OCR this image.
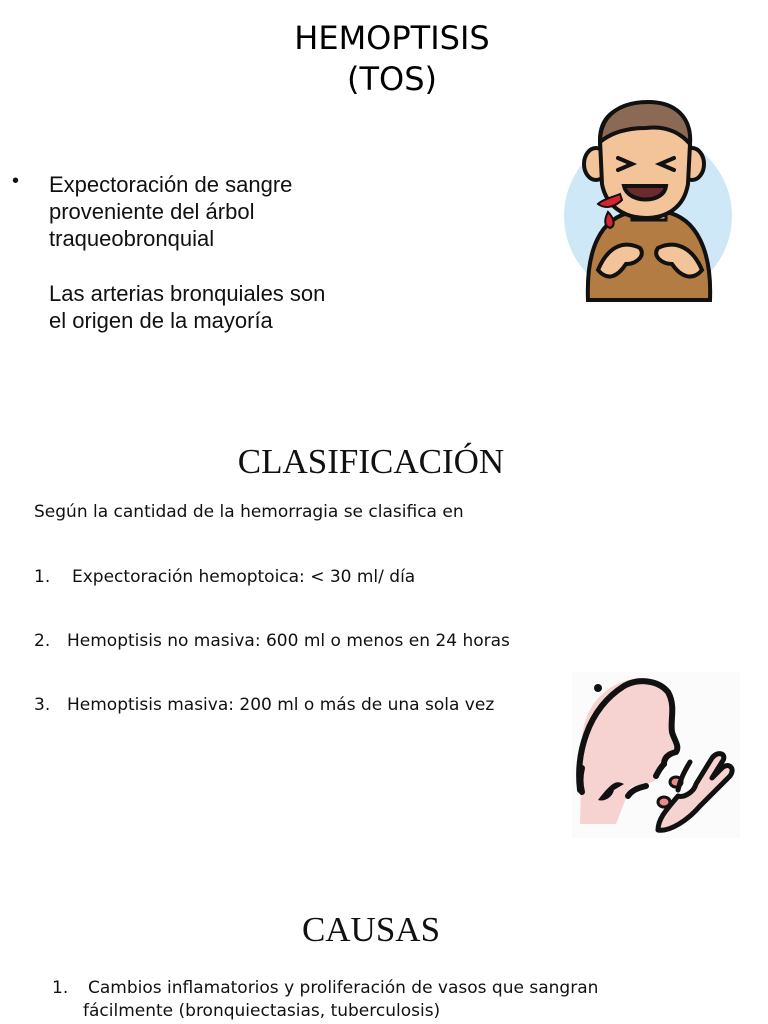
HEMOPTISIS
(TOS)
• Expectoración de sangre
proveniente del árbol
traqueobronquial
Las arterias bronquiales son
el origen de la mayoría
CLASIFICACIÓN
Según la cantidad de la hemorragia se clasifica en
1. Expectoración hemoptoica: < 30 ml/ día
2. Hemoptisis no masiva: 600 ml o menos en 24 horas
3. Hemoptisis masiva: 200 ml o más de una sola vez
CAUSAS
1. Cambios inflamatorios y proliferación de vasos que sangran
fácilmente (bronquiectasias, tuberculosis)
